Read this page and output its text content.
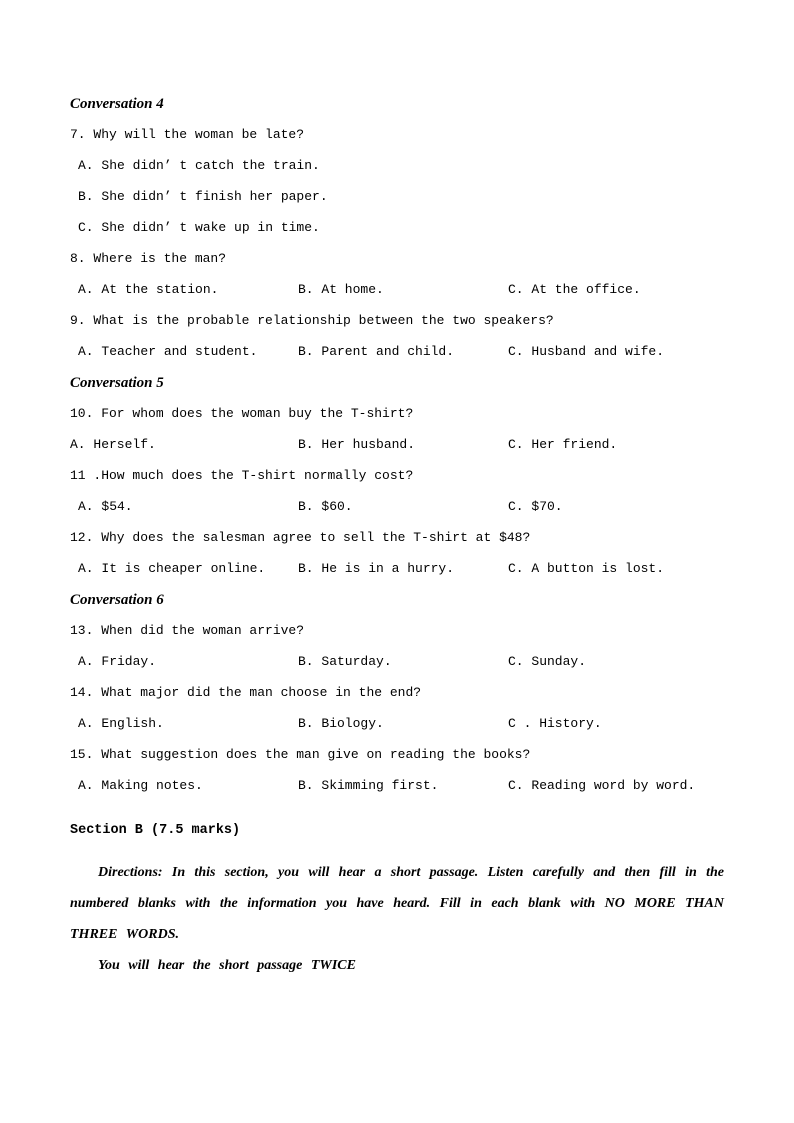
Conversation 4

7. Why will the woman be late?

A. She didn’ t catch the train.

B. She didn’ t finish her paper.

C. She didn’ t wake up in time.

8. Where is the man?

A. At the station.	B. At home.	C. At the office.

9. What is the probable relationship between the two speakers?

A. Teacher and student.	B. Parent and child.	C. Husband and wife.
Conversation 5

10. For whom does the woman buy the T-shirt?

A. Herself.	B. Her husband.	C. Her friend.

11 .How much does the T-shirt normally cost?

A. $54.	B. $60.	C. $70.

12. Why does the salesman agree to sell the T-shirt at $48?

A. It is cheaper online.	B. He is in a hurry.	C. A button is lost.
Conversation 6

13. When did the woman arrive?

A. Friday.	B. Saturday.	C. Sunday.

14. What major did the man choose in the end?

A. English.	B. Biology.	C . History.

15. What suggestion does the man give on reading the books?

A. Making notes.	B. Skimming first.	C. Reading word by word.
Section B (7.5 marks)

Directions: In this section, you will hear a short passage. Listen carefully and then fill in the numbered blanks with the information you have heard. Fill in each blank with NO MORE THAN THREE WORDS.

You will hear the short passage TWICE
